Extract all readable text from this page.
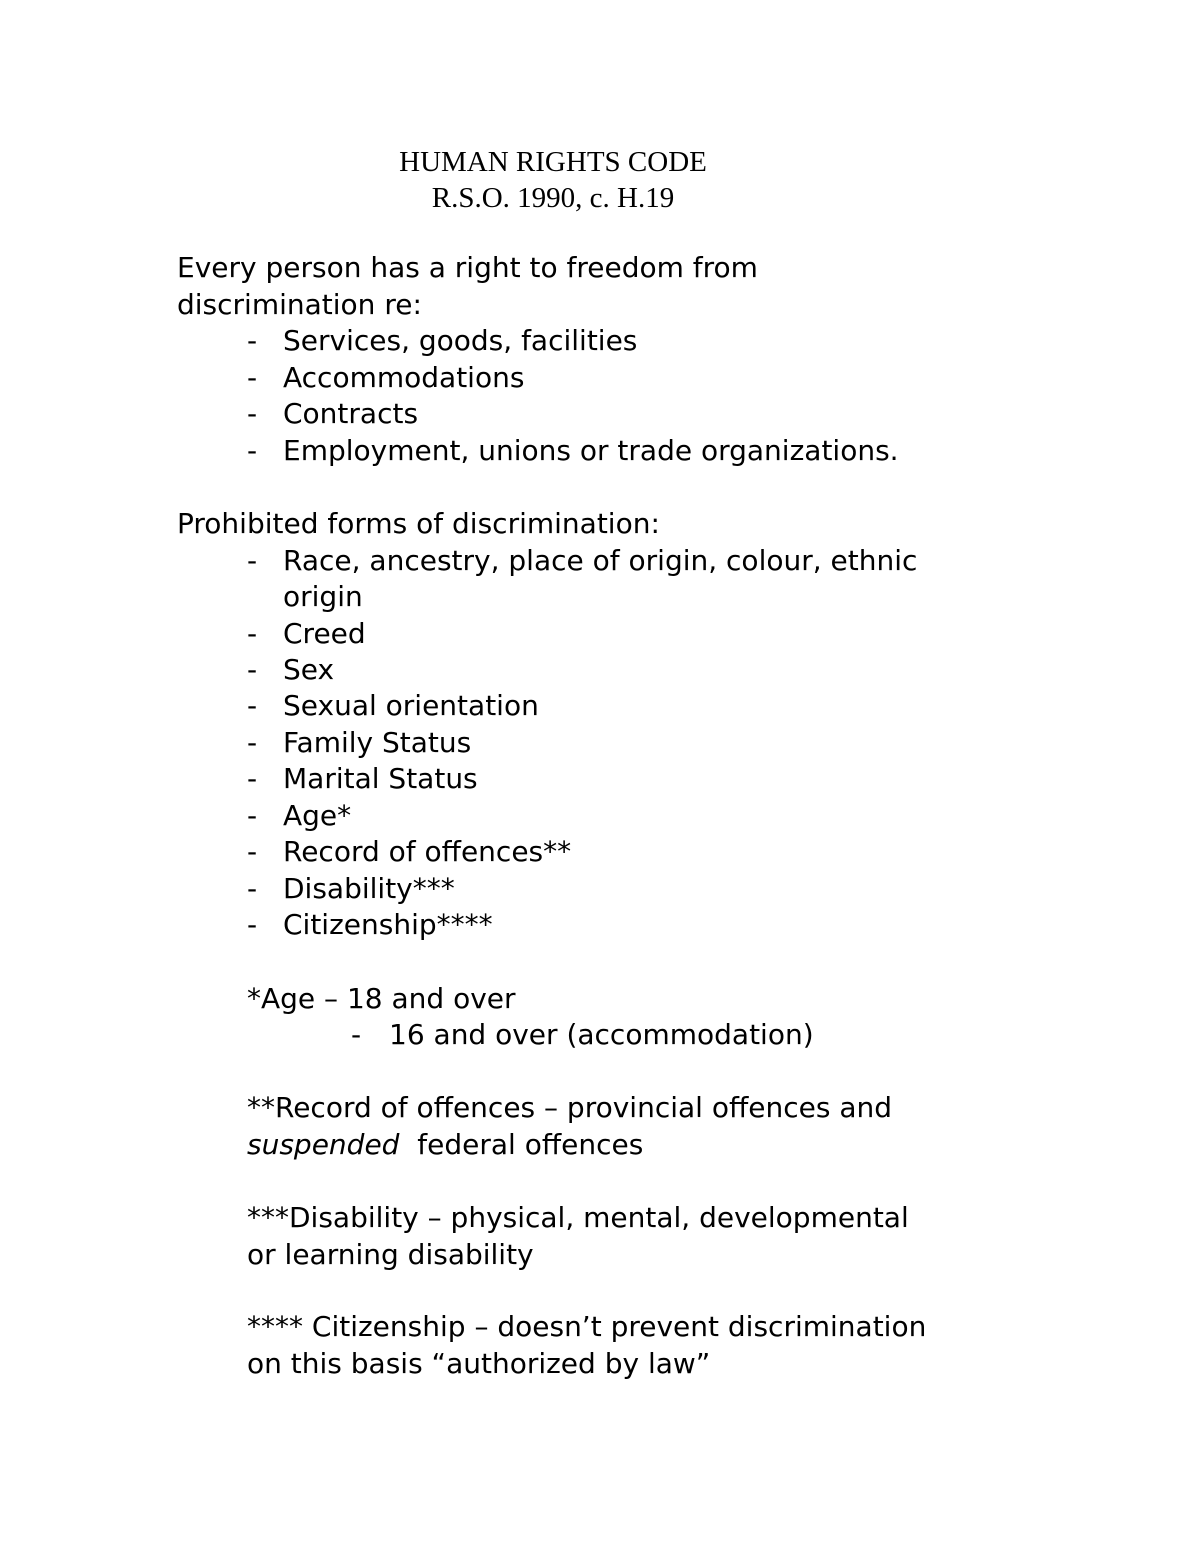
HUMAN RIGHTS CODE
R.S.O. 1990, c. H.19
Every person has a right to freedom from
discrimination re:
- Services, goods, facilities
- Accommodations
- Contracts
- Employment, unions or trade organizations.
Prohibited forms of discrimination:
- Race, ancestry, place of origin, colour, ethnic
origin
- Creed
- Sex
- Sexual orientation
- Family Status
- Marital Status
- Age*
- Record of offences**
- Disability***
- Citizenship****
*Age – 18 and over
- 16 and over (accommodation)
**Record of offences – provincial offences and
suspended  federal offences
***Disability – physical, mental, developmental
or learning disability
**** Citizenship – doesn’t prevent discrimination
on this basis “authorized by law”
